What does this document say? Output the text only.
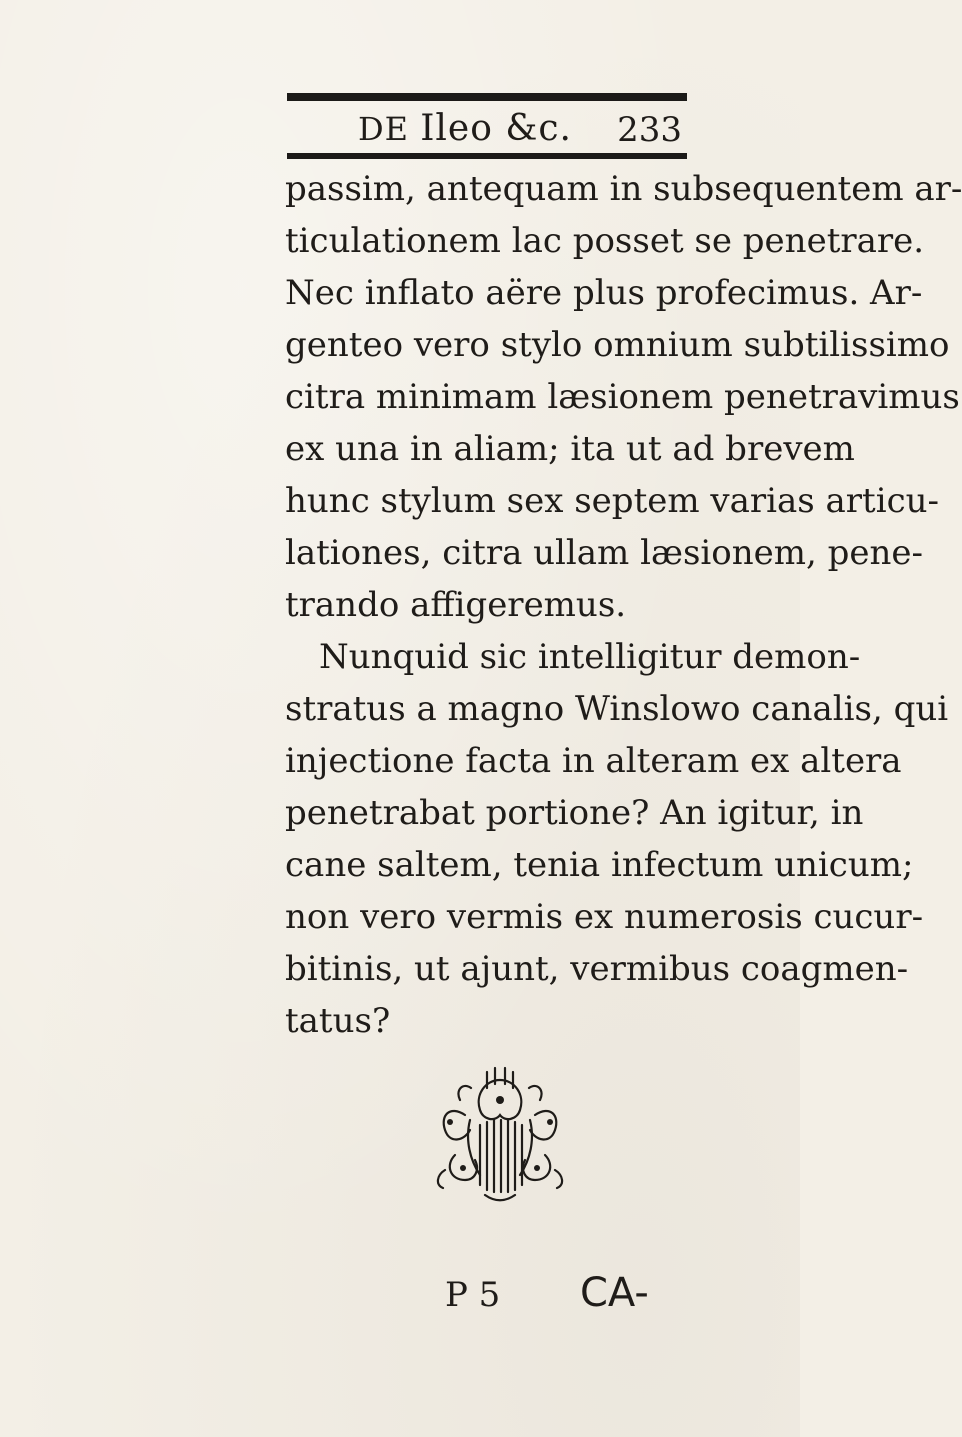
DE Ileo &c. 233
passim, antequam in subsequentem ar-
ticulationem lac posset se penetrare.
Nec inflato aëre plus profecimus. Ar-
genteo vero stylo omnium subtilissimo
citra minimam læsionem penetravimus
ex una in aliam; ita ut ad brevem
hunc stylum sex septem varias articu-
lationes, citra ullam læsionem, pene-
trando affigeremus.
Nunquid sic intelligitur demon-
stratus a magno Winslowo canalis, qui
injectione facta in alteram ex altera
penetrabat portione? An igitur, in
cane saltem, tenia infectum unicum;
non vero vermis ex numerosis cucur-
bitinis, ut ajunt, vermibus coagmen-
tatus?
P 5 CA-
